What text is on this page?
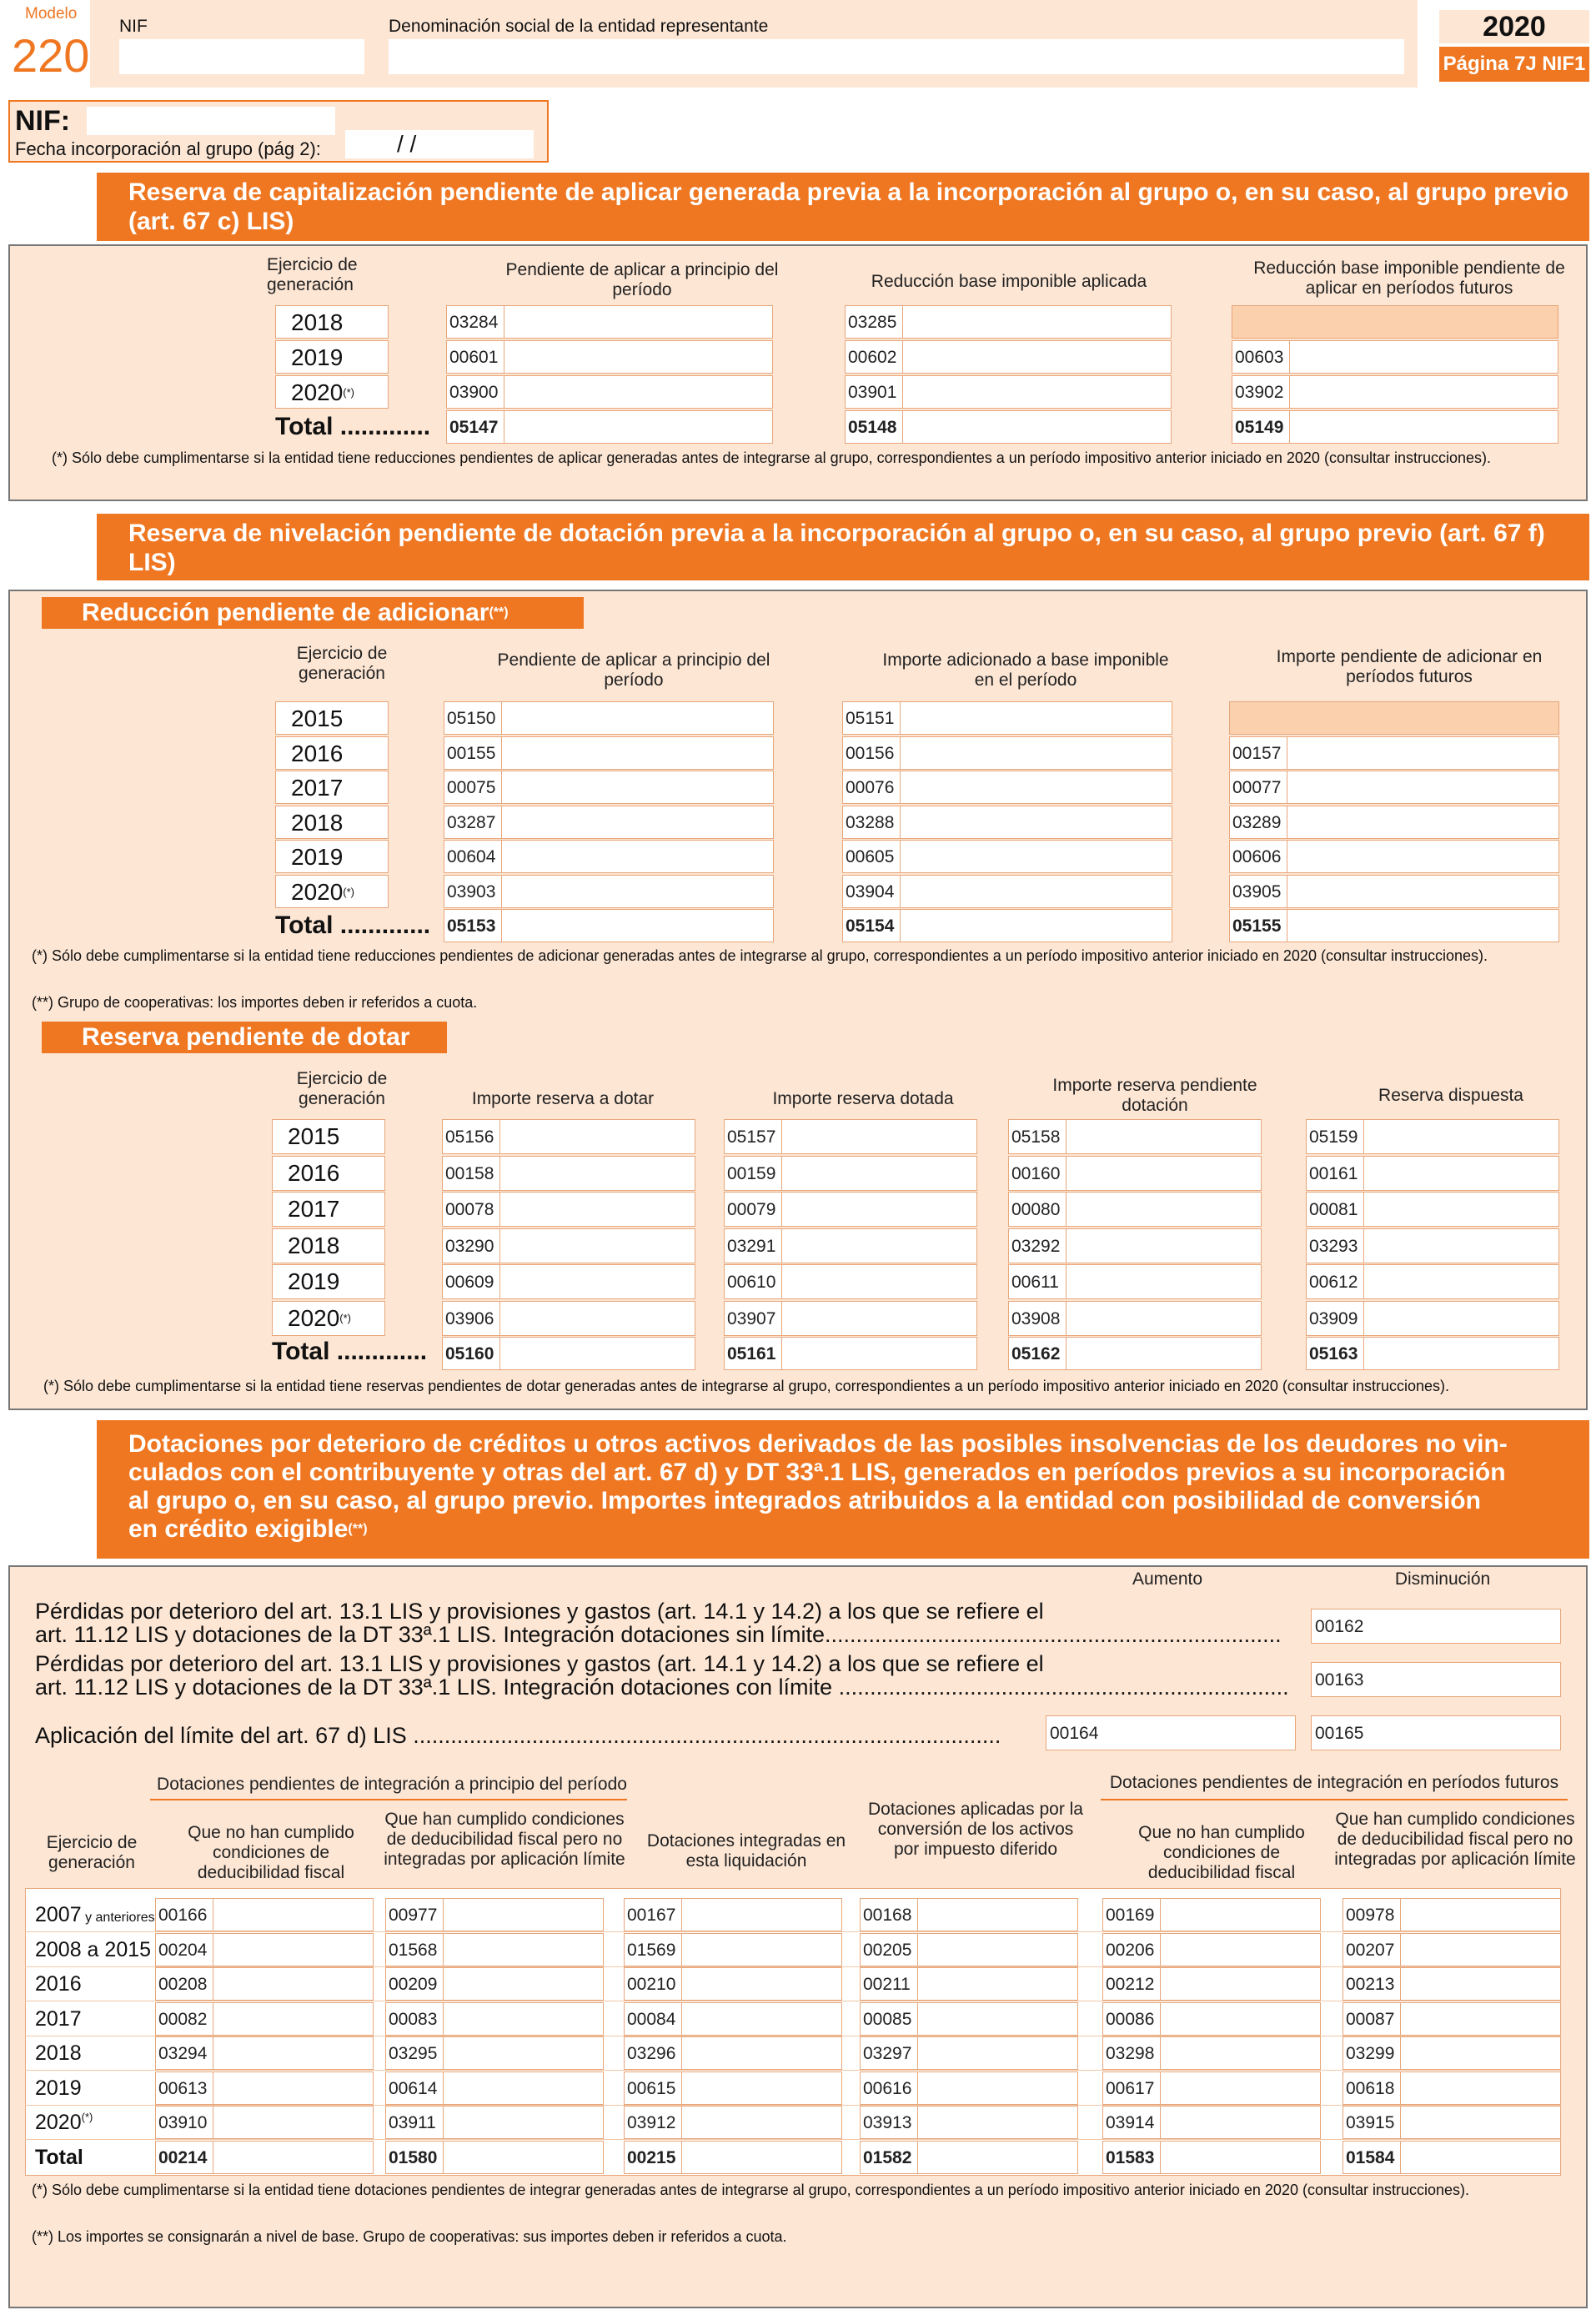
Modelo
220
NIF	Denominación social de la entidad representante	2020
Página 7J NIF1
NIF:
Fecha incorporación al grupo (pág 2):	/ /
Reserva de capitalización pendiente de aplicar generada previa a la incorporación al grupo o, en su caso, al grupo previo (art. 67 c) LIS)
Ejercicio de generación
Pendiente de aplicar a principio del período	Reducción base imponible aplicada
Reducción base imponible pendiente de aplicar en períodos futuros
Total .............
(*) Sólo debe cumplimentarse si la entidad tiene reducciones pendientes de aplicar generadas antes de integrarse al grupo, correspondientes a un período impositivo anterior iniciado en 2020 (consultar instrucciones).
Reserva de nivelación pendiente de dotación previa a la incorporación al grupo o, en su caso, al grupo previo (art. 67 f) LIS)
Reducción pendiente de adicionar(**)
Ejercicio de generación
Pendiente de aplicar a principio del período
Importe adicionado a base imponible en el período
Importe pendiente de adicionar en períodos futuros
Total .............
(*) Sólo debe cumplimentarse si la entidad tiene reducciones pendientes de adicionar generadas antes de integrarse al grupo, correspondientes a un período impositivo anterior iniciado en 2020 (consultar instrucciones).
(**) Grupo de cooperativas: los importes deben ir referidos a cuota.
Reserva pendiente de dotar
Ejercicio de generación	Importe reserva a dotar	Importe reserva dotada
Importe reserva pendiente dotación
Reserva dispuesta
Total .............
(*) Sólo debe cumplimentarse si la entidad tiene reservas pendientes de dotar generadas antes de integrarse al grupo, correspondientes a un período impositivo anterior iniciado en 2020 (consultar instrucciones).
Dotaciones por deterioro de créditos u otros activos derivados de las posibles insolvencias de los deudores no vin-
culados con el contribuyente y otras del art. 67 d) y DT 33ª.1 LIS, generados en períodos previos a su incorporación
al grupo o, en su caso, al grupo previo. Importes integrados atribuidos a la entidad con posibilidad de conversión
en crédito exigible(**)
Aumento	Disminución
Pérdidas por deterioro del art. 13.1 LIS y provisiones y gastos (art. 14.1 y 14.2) a los que se refiere el
art. 11.12 LIS y dotaciones de la DT 33ª.1 LIS. Integración dotaciones sin límite.........................................................................
Pérdidas por deterioro del art. 13.1 LIS y provisiones y gastos (art. 14.1 y 14.2) a los que se refiere el
art. 11.12 LIS y dotaciones de la DT 33ª.1 LIS. Integración dotaciones con límite ........................................................................
Aplicación del límite del art. 67 d) LIS ..............................................................................................
00162
00163
00164	00165
Dotaciones pendientes de integración a principio del período	Dotaciones pendientes de integración en períodos futuros
Ejercicio de generación
Que no han cumplido condiciones de deducibilidad fiscal
Que han cumplido condiciones de deducibilidad fiscal pero no integradas por aplicación límite
Dotaciones integradas en esta liquidación
Dotaciones aplicadas por la conversión de los activos por impuesto diferido
Que no han cumplido condiciones de deducibilidad fiscal
Que han cumplido condiciones de deducibilidad fiscal pero no integradas por aplicación límite
(*) Sólo debe cumplimentarse si la entidad tiene dotaciones pendientes de integrar generadas antes de integrarse al grupo, correspondientes a un período impositivo anterior iniciado en 2020 (consultar instrucciones).
(**) Los importes se consignarán a nivel de base. Grupo de cooperativas: sus importes deben ir referidos a cuota.
2018	03284	03285
2019	00601	00602	00603
2020(*)	03900	03901	03902
05147	05148	05149
2015	05150	05151
2016	00155	00156	00157
2017	00075	00076	00077
2018	03287	03288	03289
2019	00604	00605	00606
2020(*)	03903	03904	03905
05153	05154	05155
2015	05156	05157	05158	05159
2016	00158	00159	00160	00161
2017	00078	00079	00080	00081
2018	03290	03291	03292	03293
2019	00609	00610	00611	00612
2020(*)	03906	03907	03908	03909
05160	05161	05162	05163
2007 y anteriores 00166	00977	00167	00168	00169	00978
2008 a 2015 00204	01568	01569	00205	00206	00207
2016	00208	00209	00210	00211	00212	00213
2017	00082	00083	00084	00085	00086	00087
2018	03294	03295	03296	03297	03298	03299
2019	00613	00614	00615	00616	00617	00618
2020(*)	03910	03911	03912	03913	03914	03915
Total	00214	01580	00215	01582	01583	01584
